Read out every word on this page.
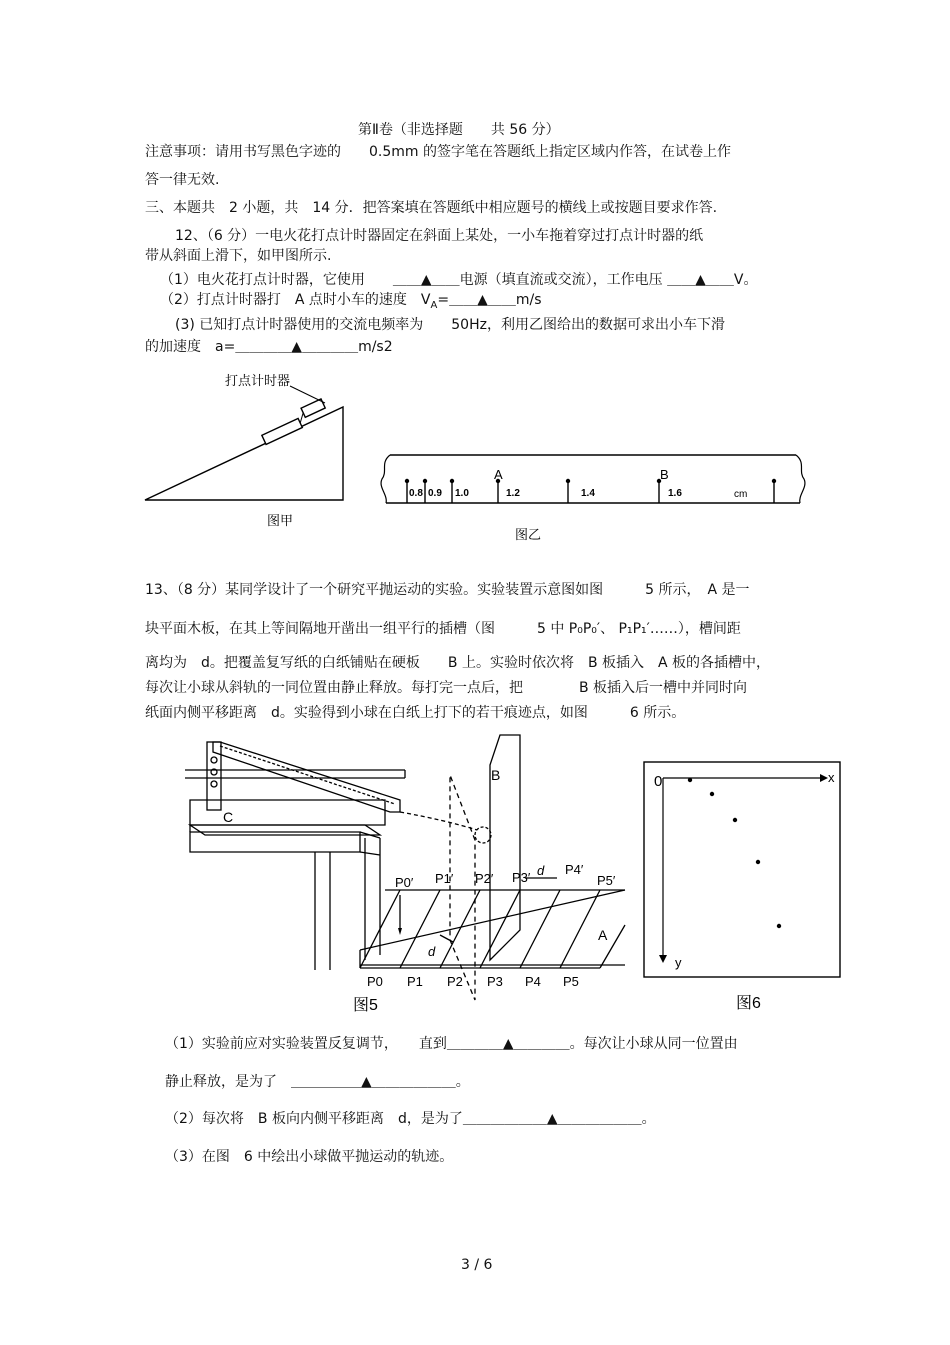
第Ⅱ卷（非选择题　　共 56 分）
注意事项：请用书写黑色字迹的　　0.5mm 的签字笔在答题纸上指定区域内作答，在试卷上作
答一律无效.
三、本题共　2 小题，共　14 分．把答案填在答题纸中相应题号的横线上或按题目要求作答.
12、（6 分）一电火花打点计时器固定在斜面上某处，一小车拖着穿过打点计时器的纸
带从斜面上滑下，如甲图所示.
（1）电火花打点计时器，它使用　　＿＿▲＿＿电源（填直流或交流），工作电压 ＿＿▲＿＿V。
（2）打点计时器打　A 点时小车的速度　$V_A=\_\_▲\_\_m/s$
(3) 已知打点计时器使用的交流电频率为　　50Hz，利用乙图给出的数据可求出小车下滑
的加速度　a=＿＿＿＿▲＿＿＿＿m/s2
打点计时器
图甲
0.8 0.9 1.0	1.2	1.4	1.6	cm
A	B
图乙
13、（8 分）某同学设计了一个研究平抛运动的实验。实验装置示意图如图　　　5 所示，　A 是一
块平面木板，在其上等间隔地开凿出一组平行的插槽（图　　　5 中 P₀P₀′、 P₁P₁′……），槽间距
离均为　d。把覆盖复写纸的白纸铺贴在硬板　　B 上。实验时依次将　B 板插入　A 板的各插槽中，
每次让小球从斜轨的一同位置由静止释放。每打完一点后，把　　　　B 板插入后一槽中并同时向
纸面内侧平移距离　d。实验得到小球在白纸上打下的若干痕迹点，如图　　　6 所示。
C
B
A
d
d
P0′ P1′ P2′ P3′
P4′
P5′
P0 P1 P2 P3 P4 P5
图5
0	x
y
图6
（1）实验前应对实验装置反复调节，　　直到＿＿＿＿▲＿＿＿＿。每次让小球从同一位置由
静止释放，是为了　＿＿＿＿＿▲＿＿＿＿＿＿。
（2）每次将　B 板向内侧平移距离　d，是为了＿＿＿＿＿＿▲＿＿＿＿＿＿。
（3）在图　6 中绘出小球做平抛运动的轨迹。
3 / 6
